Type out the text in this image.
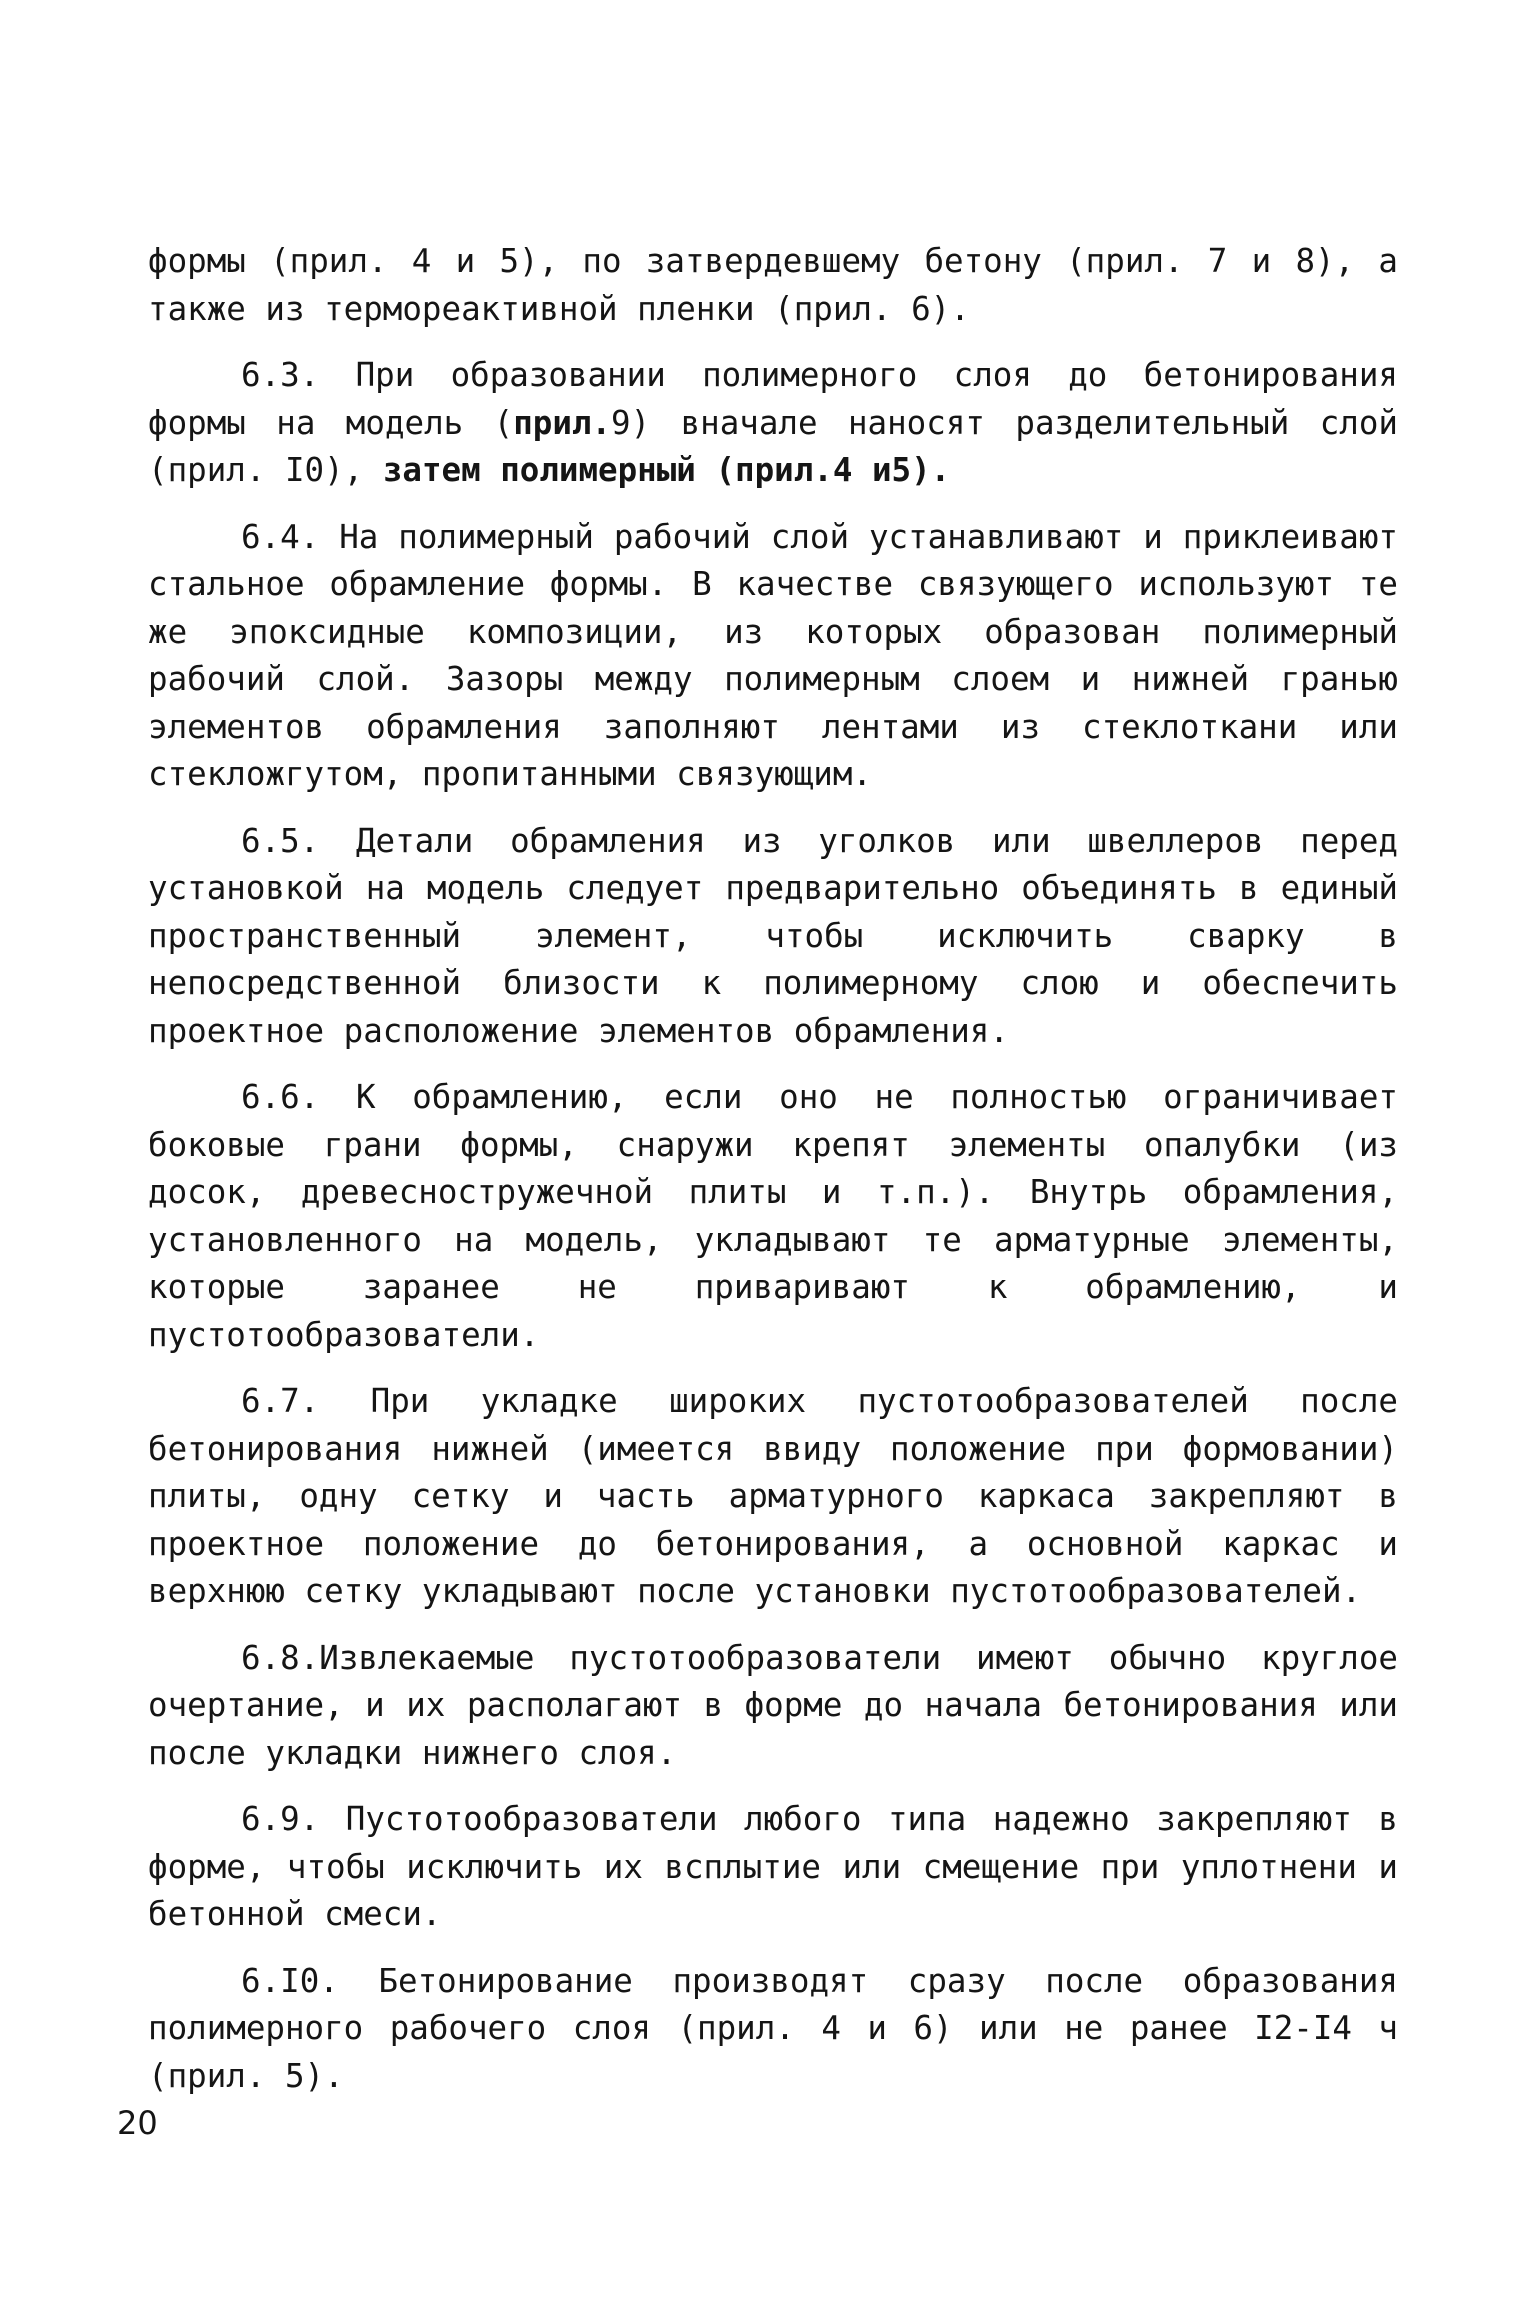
формы (прил. 4 и 5), по затвердевшему бетону (прил. 7 и 8), а также из термореактивной пленки (прил. 6).

6.3. При образовании полимерного слоя до бетонирования формы на модель (прил.9) вначале наносят разделительный слой (прил. I0), затем полимерный (прил.4 и5).

6.4. На полимерный рабочий слой устанавливают и приклеивают стальное обрамление формы. В качестве связующего используют те же эпоксидные композиции, из которых образован полимерный рабочий слой. Зазоры между полимерным слоем и нижней гранью элементов обрамления заполняют лентами из стеклоткани или стекложгутом, пропитанными связующим.

6.5. Детали обрамления из уголков или швеллеров перед установкой на модель следует предварительно объединять в единый пространственный элемент, чтобы исключить сварку в непосредственной близости к полимерному слою и обеспечить проектное расположение элементов обрамления.

6.6. К обрамлению, если оно не полностью ограничивает боковые грани формы, снаружи крепят элементы опалубки (из досок, древесностружечной плиты и т.п.). Внутрь обрамления, установленного на модель, укладывают те арматурные элементы, которые заранее не приваривают к обрамлению, и пустотообразователи.

6.7. При укладке широких пустотообразователей после бетонирования нижней (имеется ввиду положение при формовании) плиты, одну сетку и часть арматурного каркаса закрепляют в проектное положение до бетонирования, а основной каркас и верхнюю сетку укладывают после установки пустотообразователей.

6.8.Извлекаемые пустотообразователи имеют обычно круглое очертание, и их располагают в форме до начала бетонирования или после укладки нижнего слоя.

6.9. Пустотообразователи любого типа надежно закрепляют в форме, чтобы исключить их всплытие или смещение при уплотнени и бетонной смеси.

6.I0. Бетонирование производят сразу после образования полимерного рабочего слоя (прил. 4 и 6) или не ранее I2-I4 ч (прил. 5).

20
